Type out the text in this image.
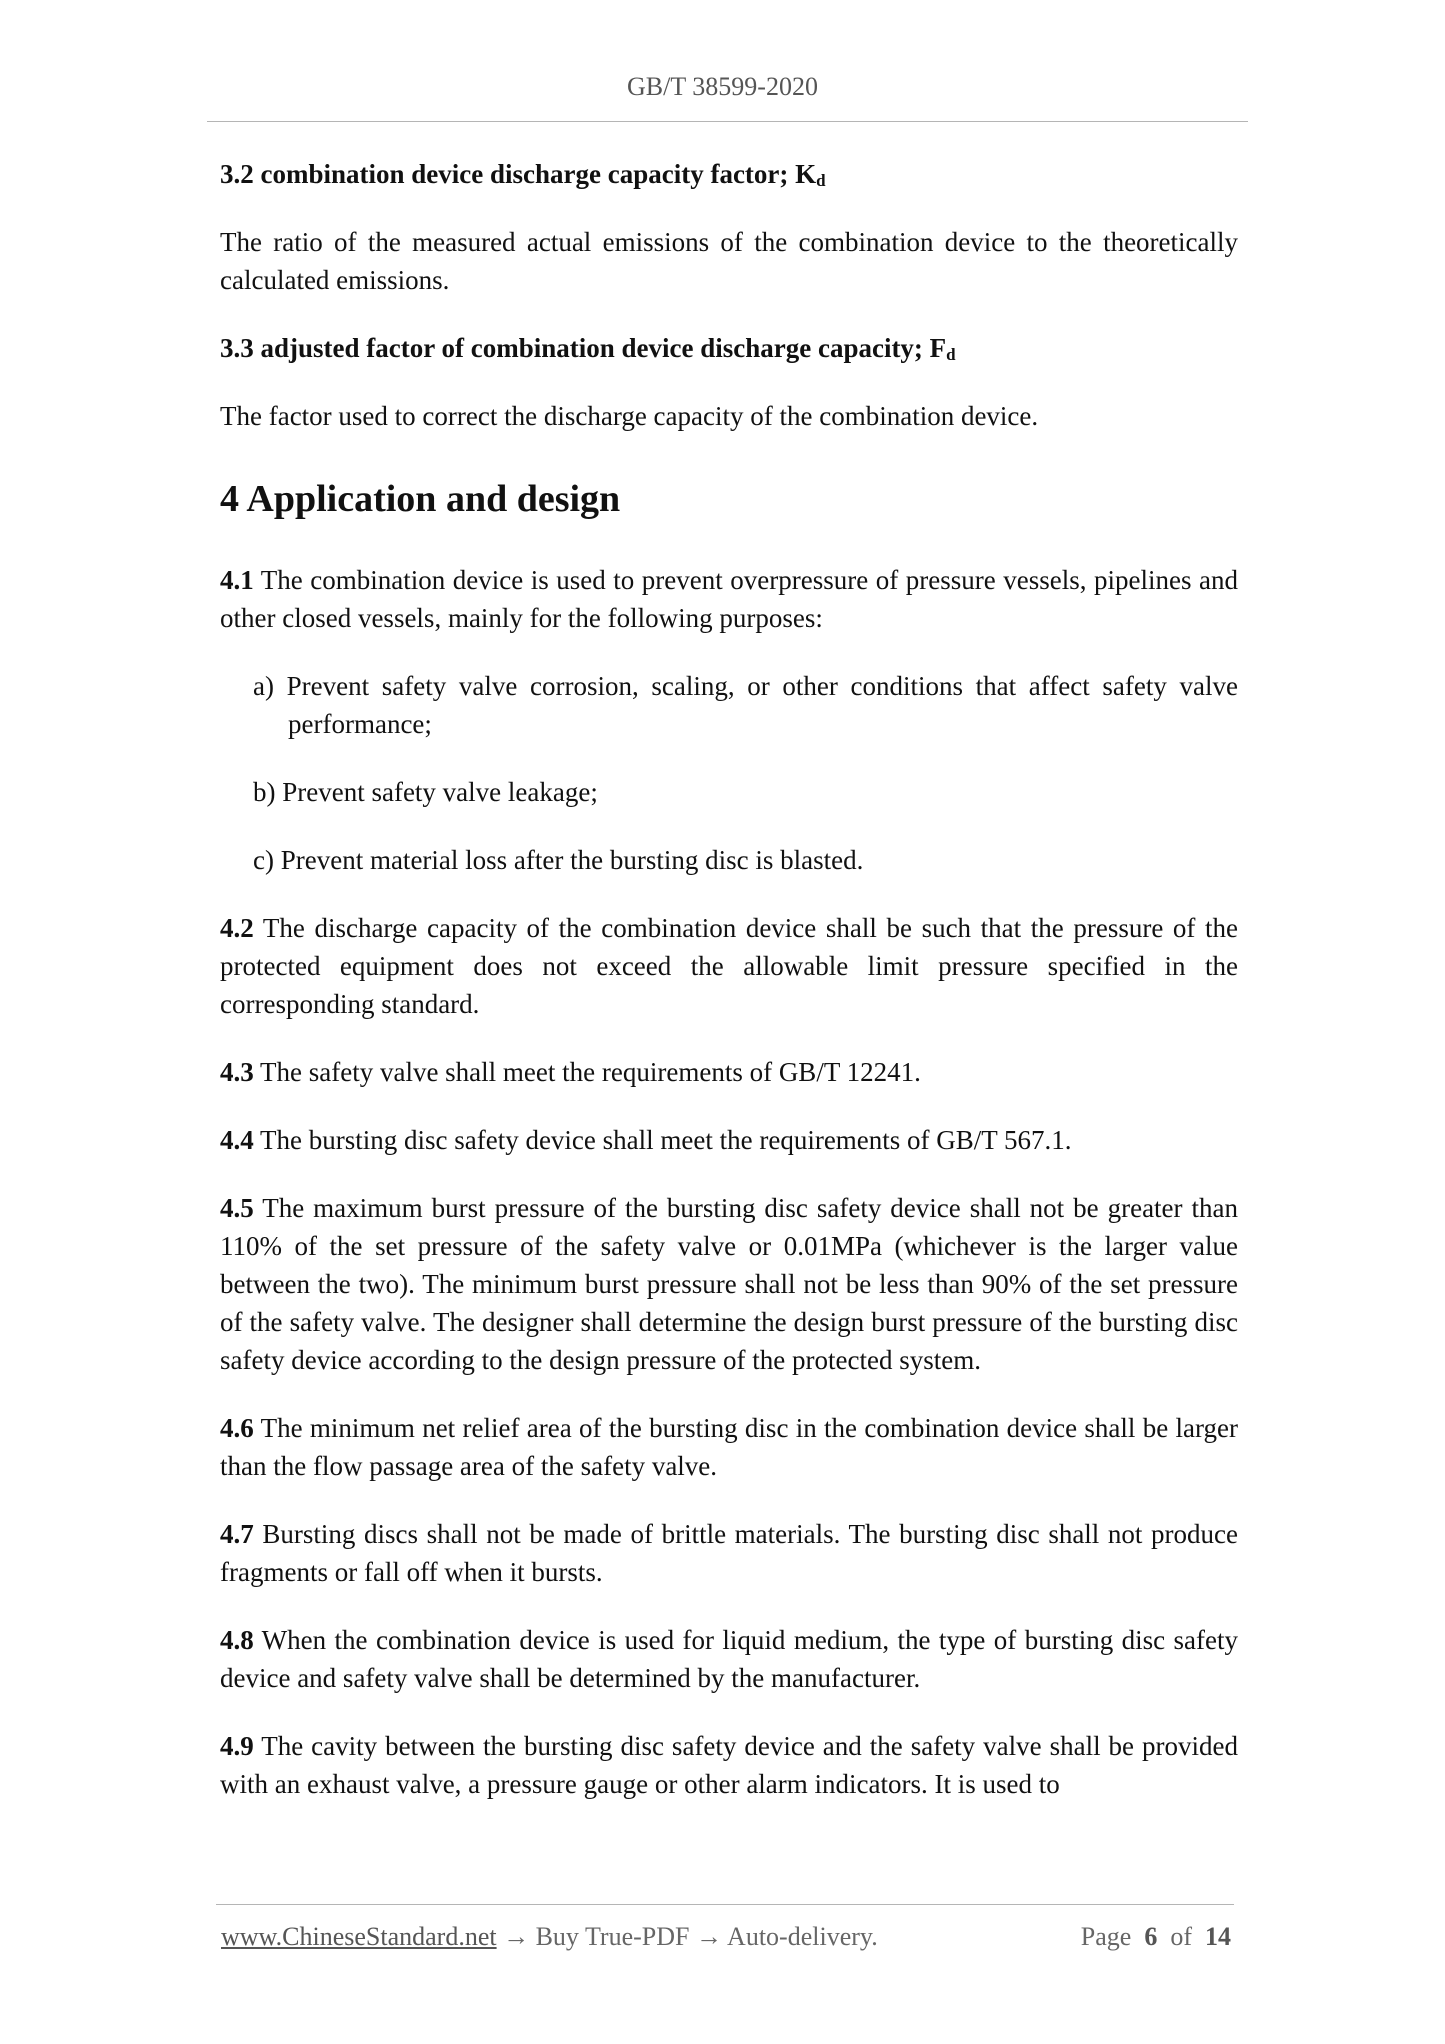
GB/T 38599-2020

3.2 combination device discharge capacity factor; $K_d$

The ratio of the measured actual emissions of the combination device to the theoretically calculated emissions.

3.3 adjusted factor of combination device discharge capacity; $F_d$

The factor used to correct the discharge capacity of the combination device.

4 Application and design

4.1 The combination device is used to prevent overpressure of pressure vessels, pipelines and other closed vessels, mainly for the following purposes:

a) Prevent safety valve corrosion, scaling, or other conditions that affect safety valve performance;

b) Prevent safety valve leakage;

c) Prevent material loss after the bursting disc is blasted.

4.2 The discharge capacity of the combination device shall be such that the pressure of the protected equipment does not exceed the allowable limit pressure specified in the corresponding standard.

4.3 The safety valve shall meet the requirements of GB/T 12241.

4.4 The bursting disc safety device shall meet the requirements of GB/T 567.1.

4.5 The maximum burst pressure of the bursting disc safety device shall not be greater than 110% of the set pressure of the safety valve or 0.01MPa (whichever is the larger value between the two). The minimum burst pressure shall not be less than 90% of the set pressure of the safety valve. The designer shall determine the design burst pressure of the bursting disc safety device according to the design pressure of the protected system.

4.6 The minimum net relief area of the bursting disc in the combination device shall be larger than the flow passage area of the safety valve.

4.7 Bursting discs shall not be made of brittle materials. The bursting disc shall not produce fragments or fall off when it bursts.

4.8 When the combination device is used for liquid medium, the type of bursting disc safety device and safety valve shall be determined by the manufacturer.

4.9 The cavity between the bursting disc safety device and the safety valve shall be provided with an exhaust valve, a pressure gauge or other alarm indicators. It is used to

www.ChineseStandard.net → Buy True-PDF → Auto-delivery.	Page 6 of 14
